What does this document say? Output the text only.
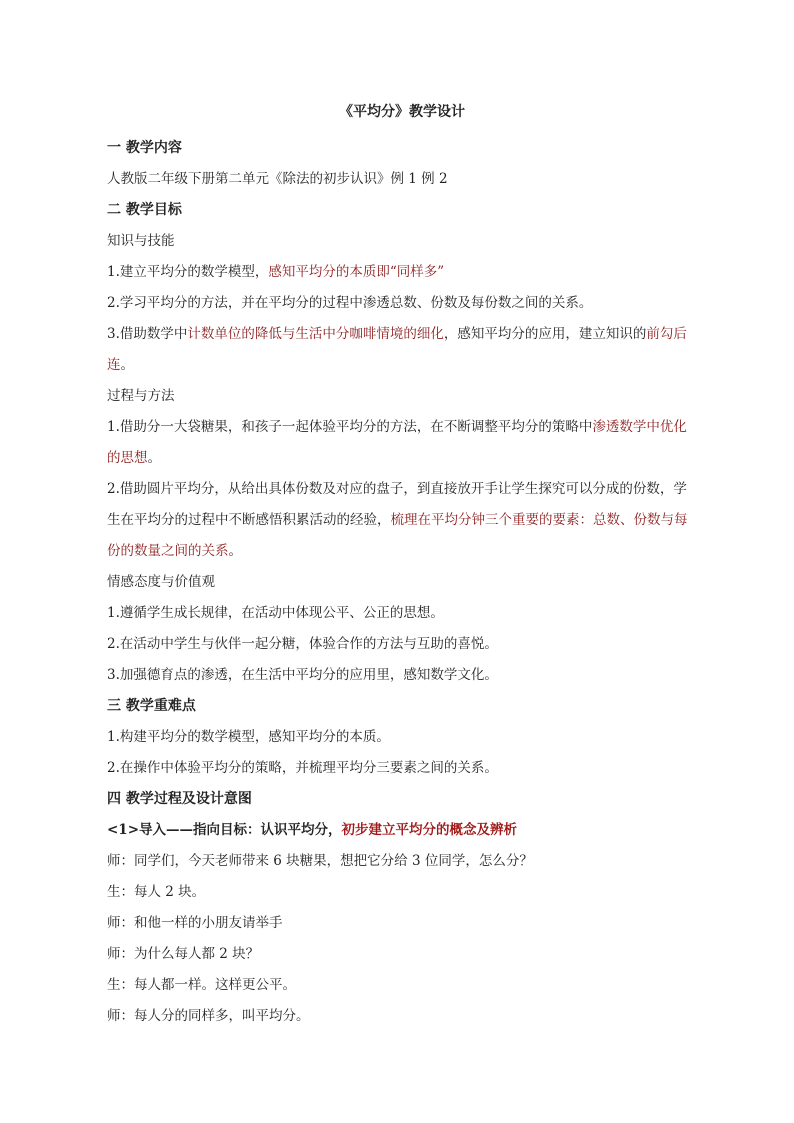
《平均分》教学设计
一 教学内容
人教版二年级下册第二单元《除法的初步认识》例 1 例 2
二 教学目标
知识与技能
1.建立平均分的数学模型，感知平均分的本质即“同样多”
2.学习平均分的方法，并在平均分的过程中渗透总数、份数及每份数之间的关系。
3.借助数学中计数单位的降低与生活中分咖啡情境的细化，感知平均分的应用，建立知识的前勾后连。
过程与方法
1.借助分一大袋糖果，和孩子一起体验平均分的方法，在不断调整平均分的策略中渗透数学中优化的思想。
2.借助圆片平均分，从给出具体份数及对应的盘子，到直接放开手让学生探究可以分成的份数，学生在平均分的过程中不断感悟积累活动的经验，梳理在平均分钟三个重要的要素：总数、份数与每份的数量之间的关系。
情感态度与价值观
1.遵循学生成长规律，在活动中体现公平、公正的思想。
2.在活动中学生与伙伴一起分糖，体验合作的方法与互助的喜悦。
3.加强德育点的渗透，在生活中平均分的应用里，感知数学文化。
三 教学重难点
1.构建平均分的数学模型，感知平均分的本质。
2.在操作中体验平均分的策略，并梳理平均分三要素之间的关系。
四 教学过程及设计意图
<1>导入——指向目标：认识平均分，初步建立平均分的概念及辨析
师：同学们，今天老师带来 6 块糖果，想把它分给 3 位同学，怎么分？
生：每人 2 块。
师：和他一样的小朋友请举手
师：为什么每人都 2 块？
生：每人都一样。这样更公平。
师：每人分的同样多，叫平均分。
